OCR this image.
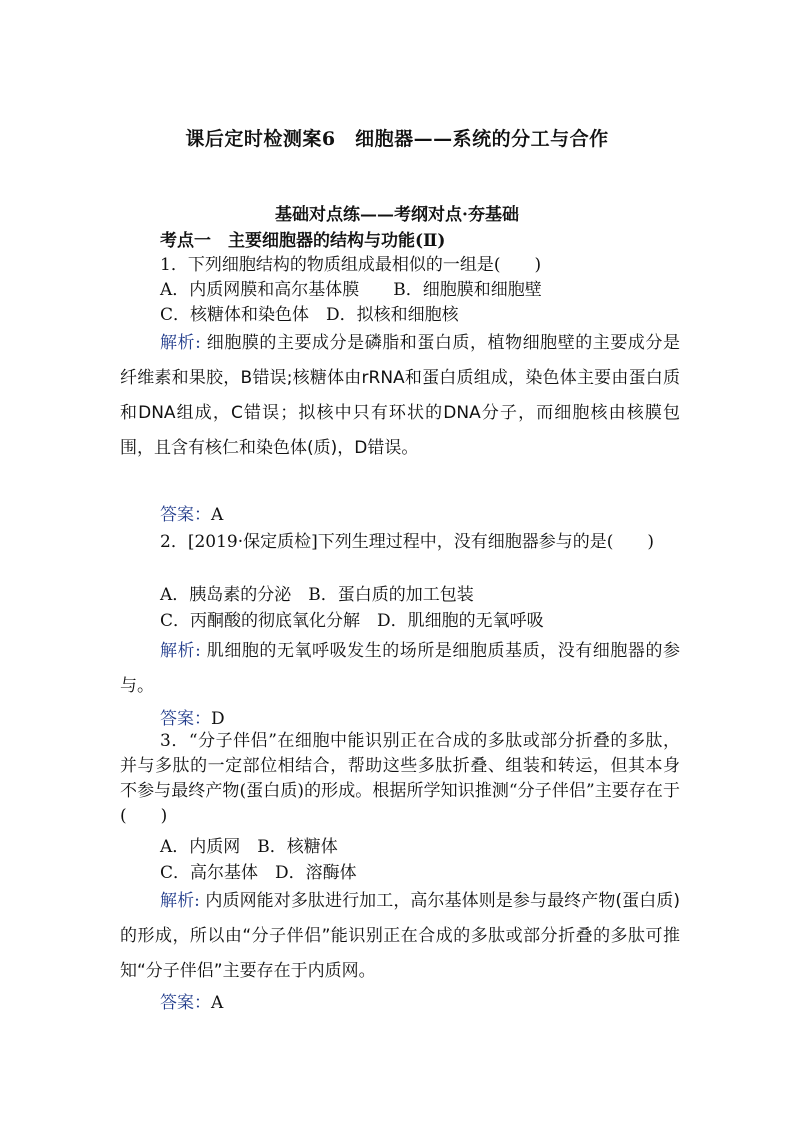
课后定时检测案6　细胞器——系统的分工与合作
基础对点练——考纲对点·夯基础
考点一　主要细胞器的结构与功能(Ⅱ)
1．下列细胞结构的物质组成最相似的一组是(　　)
A．内质网膜和高尔基体膜　　B．细胞膜和细胞壁
C．核糖体和染色体　D．拟核和细胞核
解析: 细胞膜的主要成分是磷脂和蛋白质，植物细胞壁的主要成分是纤维素和果胶，B错误;核糖体由rRNA和蛋白质组成，染色体主要由蛋白质和DNA组成，C错误；拟核中只有环状的DNA分子，而细胞核由核膜包围，且含有核仁和染色体(质)，D错误。
答案：A
2．[2019·保定质检]下列生理过程中，没有细胞器参与的是(　　)
A．胰岛素的分泌　B．蛋白质的加工包装
C．丙酮酸的彻底氧化分解　D．肌细胞的无氧呼吸
解析: 肌细胞的无氧呼吸发生的场所是细胞质基质，没有细胞器的参与。
答案：D
3．“分子伴侣”在细胞中能识别正在合成的多肽或部分折叠的多肽，并与多肽的一定部位相结合，帮助这些多肽折叠、组装和转运，但其本身不参与最终产物(蛋白质)的形成。根据所学知识推测“分子伴侣”主要存在于(　　)
A．内质网　B．核糖体
C．高尔基体　D．溶酶体
解析: 内质网能对多肽进行加工，高尔基体则是参与最终产物(蛋白质)的形成，所以由“分子伴侣”能识别正在合成的多肽或部分折叠的多肽可推知“分子伴侣”主要存在于内质网。
答案：A
